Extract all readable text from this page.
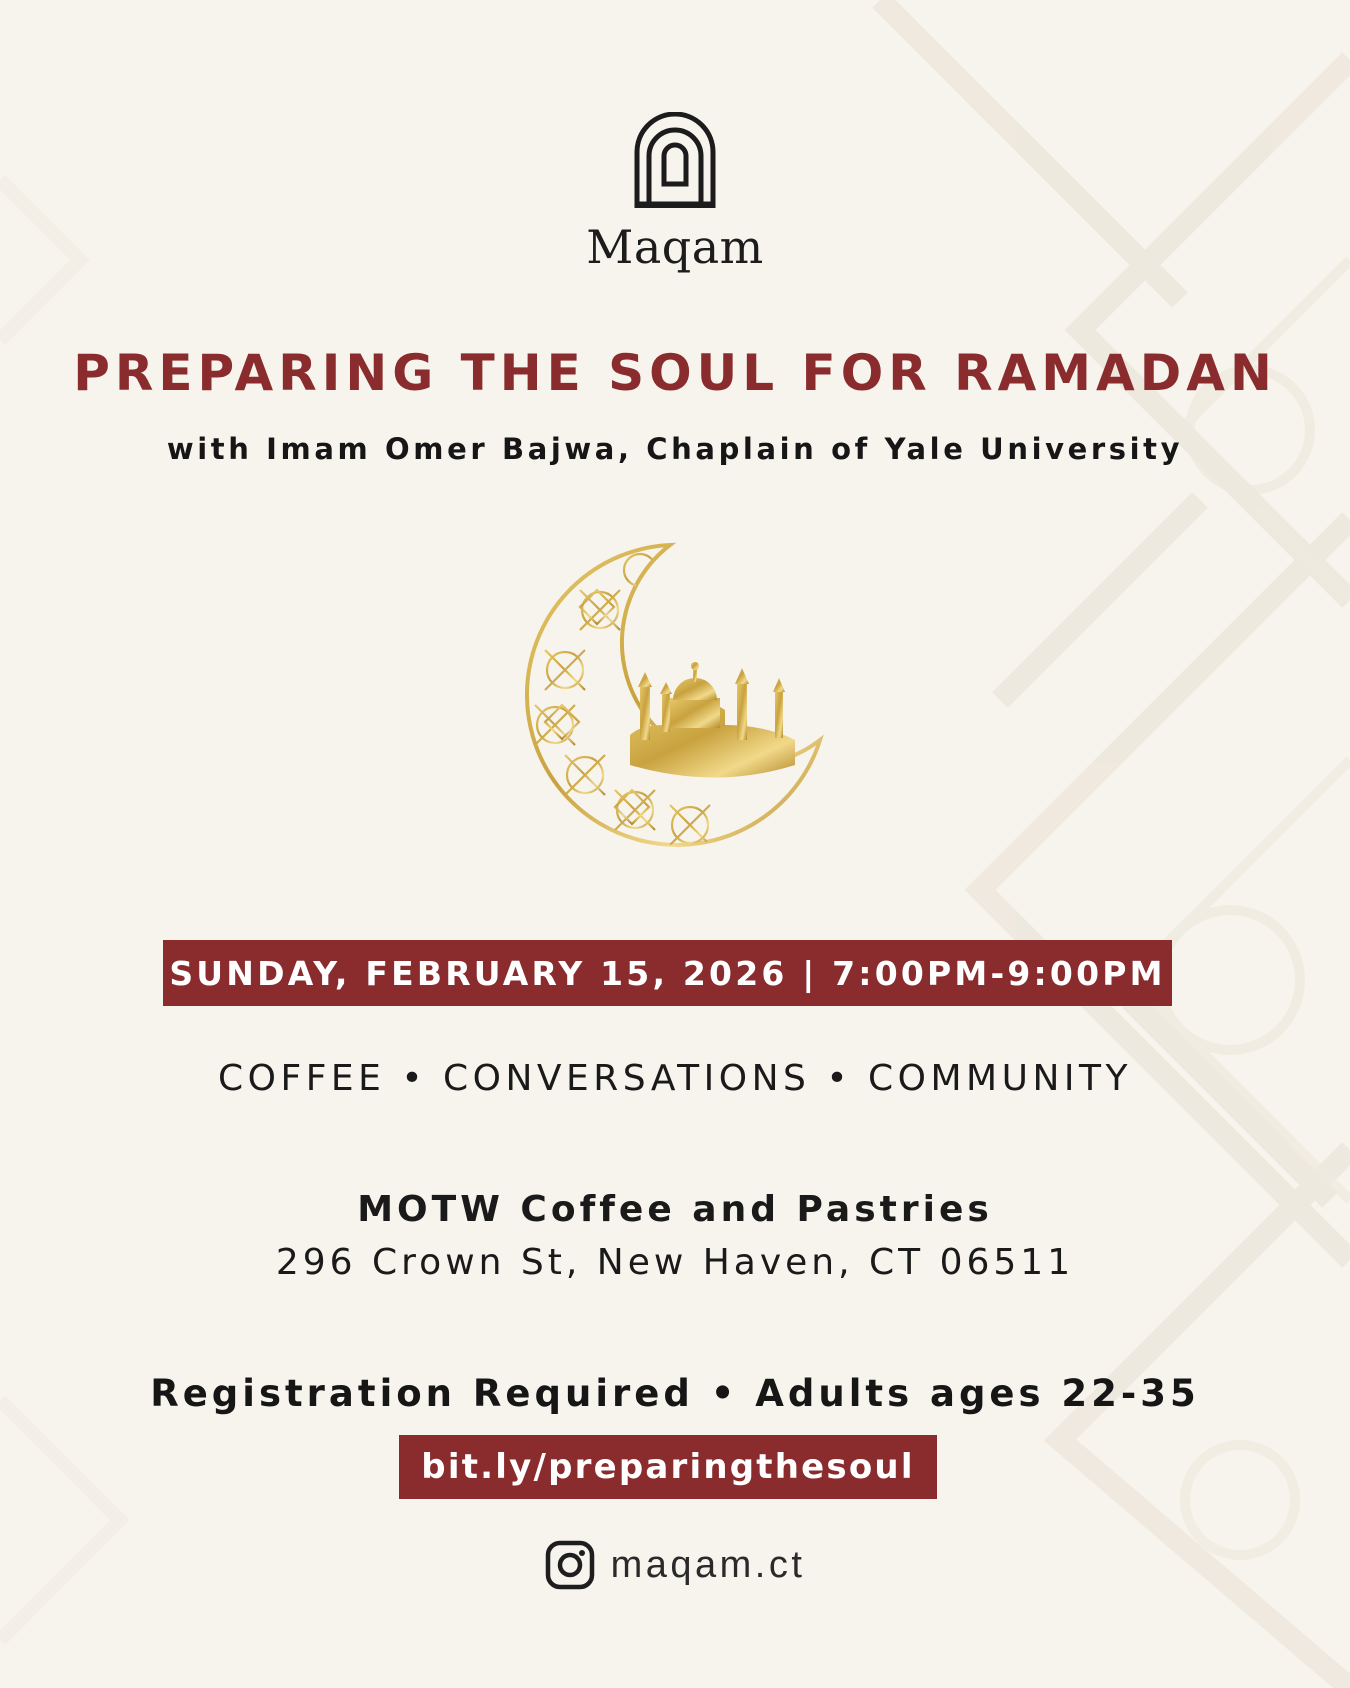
Maqam
PREPARING THE SOUL FOR RAMADAN
with Imam Omer Bajwa, Chaplain of Yale University
SUNDAY, FEBRUARY 15, 2026 | 7:00PM-9:00PM
COFFEE • CONVERSATIONS • COMMUNITY
MOTW Coffee and Pastries
296 Crown St, New Haven, CT 06511
Registration Required • Adults ages 22-35
bit.ly/preparingthesoul
maqam.ct
